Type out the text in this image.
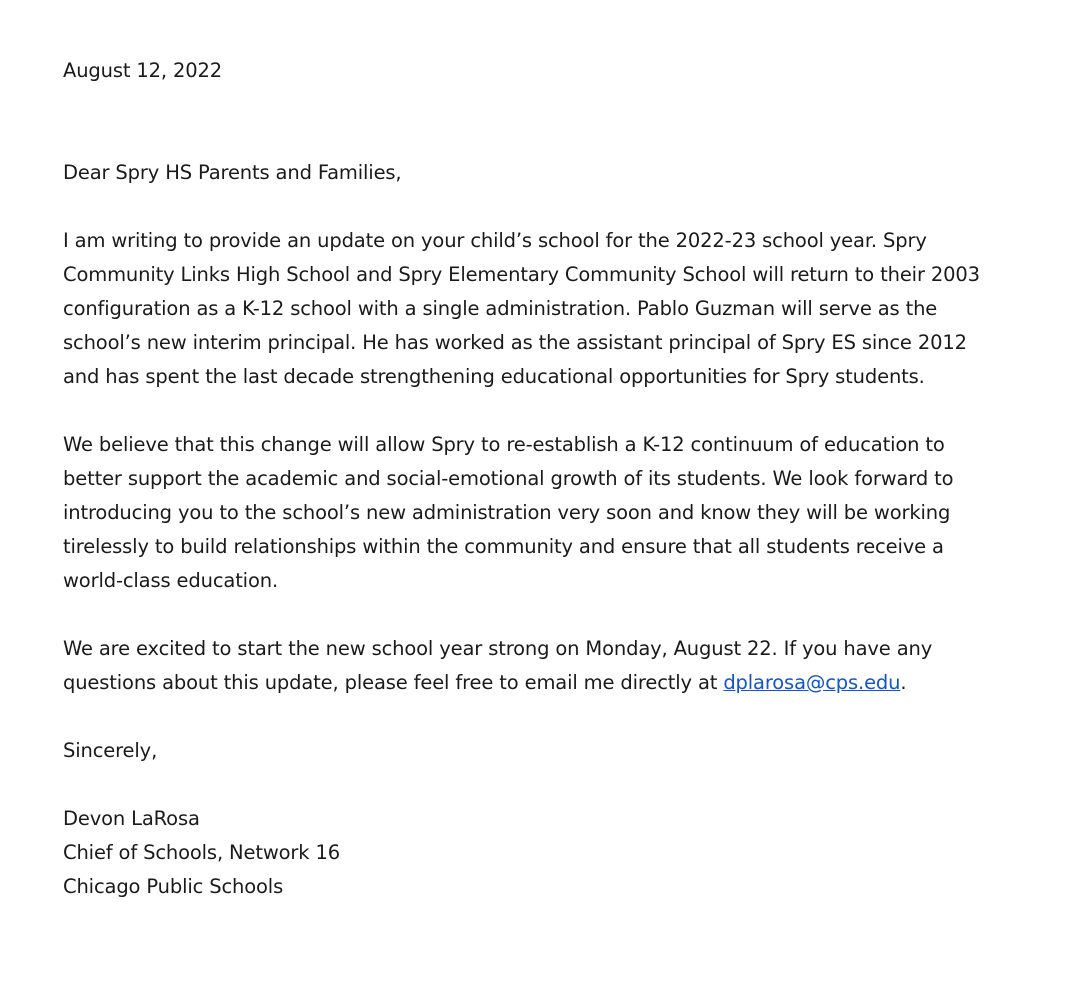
August 12, 2022
Dear Spry HS Parents and Families,
I am writing to provide an update on your child’s school for the 2022-23 school year. Spry
Community Links High School and Spry Elementary Community School will return to their 2003
configuration as a K-12 school with a single administration. Pablo Guzman will serve as the
school’s new interim principal. He has worked as the assistant principal of Spry ES since 2012
and has spent the last decade strengthening educational opportunities for Spry students.
We believe that this change will allow Spry to re-establish a K-12 continuum of education to
better support the academic and social-emotional growth of its students. We look forward to
introducing you to the school’s new administration very soon and know they will be working
tirelessly to build relationships within the community and ensure that all students receive a
world-class education.
We are excited to start the new school year strong on Monday, August 22. If you have any
questions about this update, please feel free to email me directly at dplarosa@cps.edu.
Sincerely,
Devon LaRosa
Chief of Schools, Network 16
Chicago Public Schools
